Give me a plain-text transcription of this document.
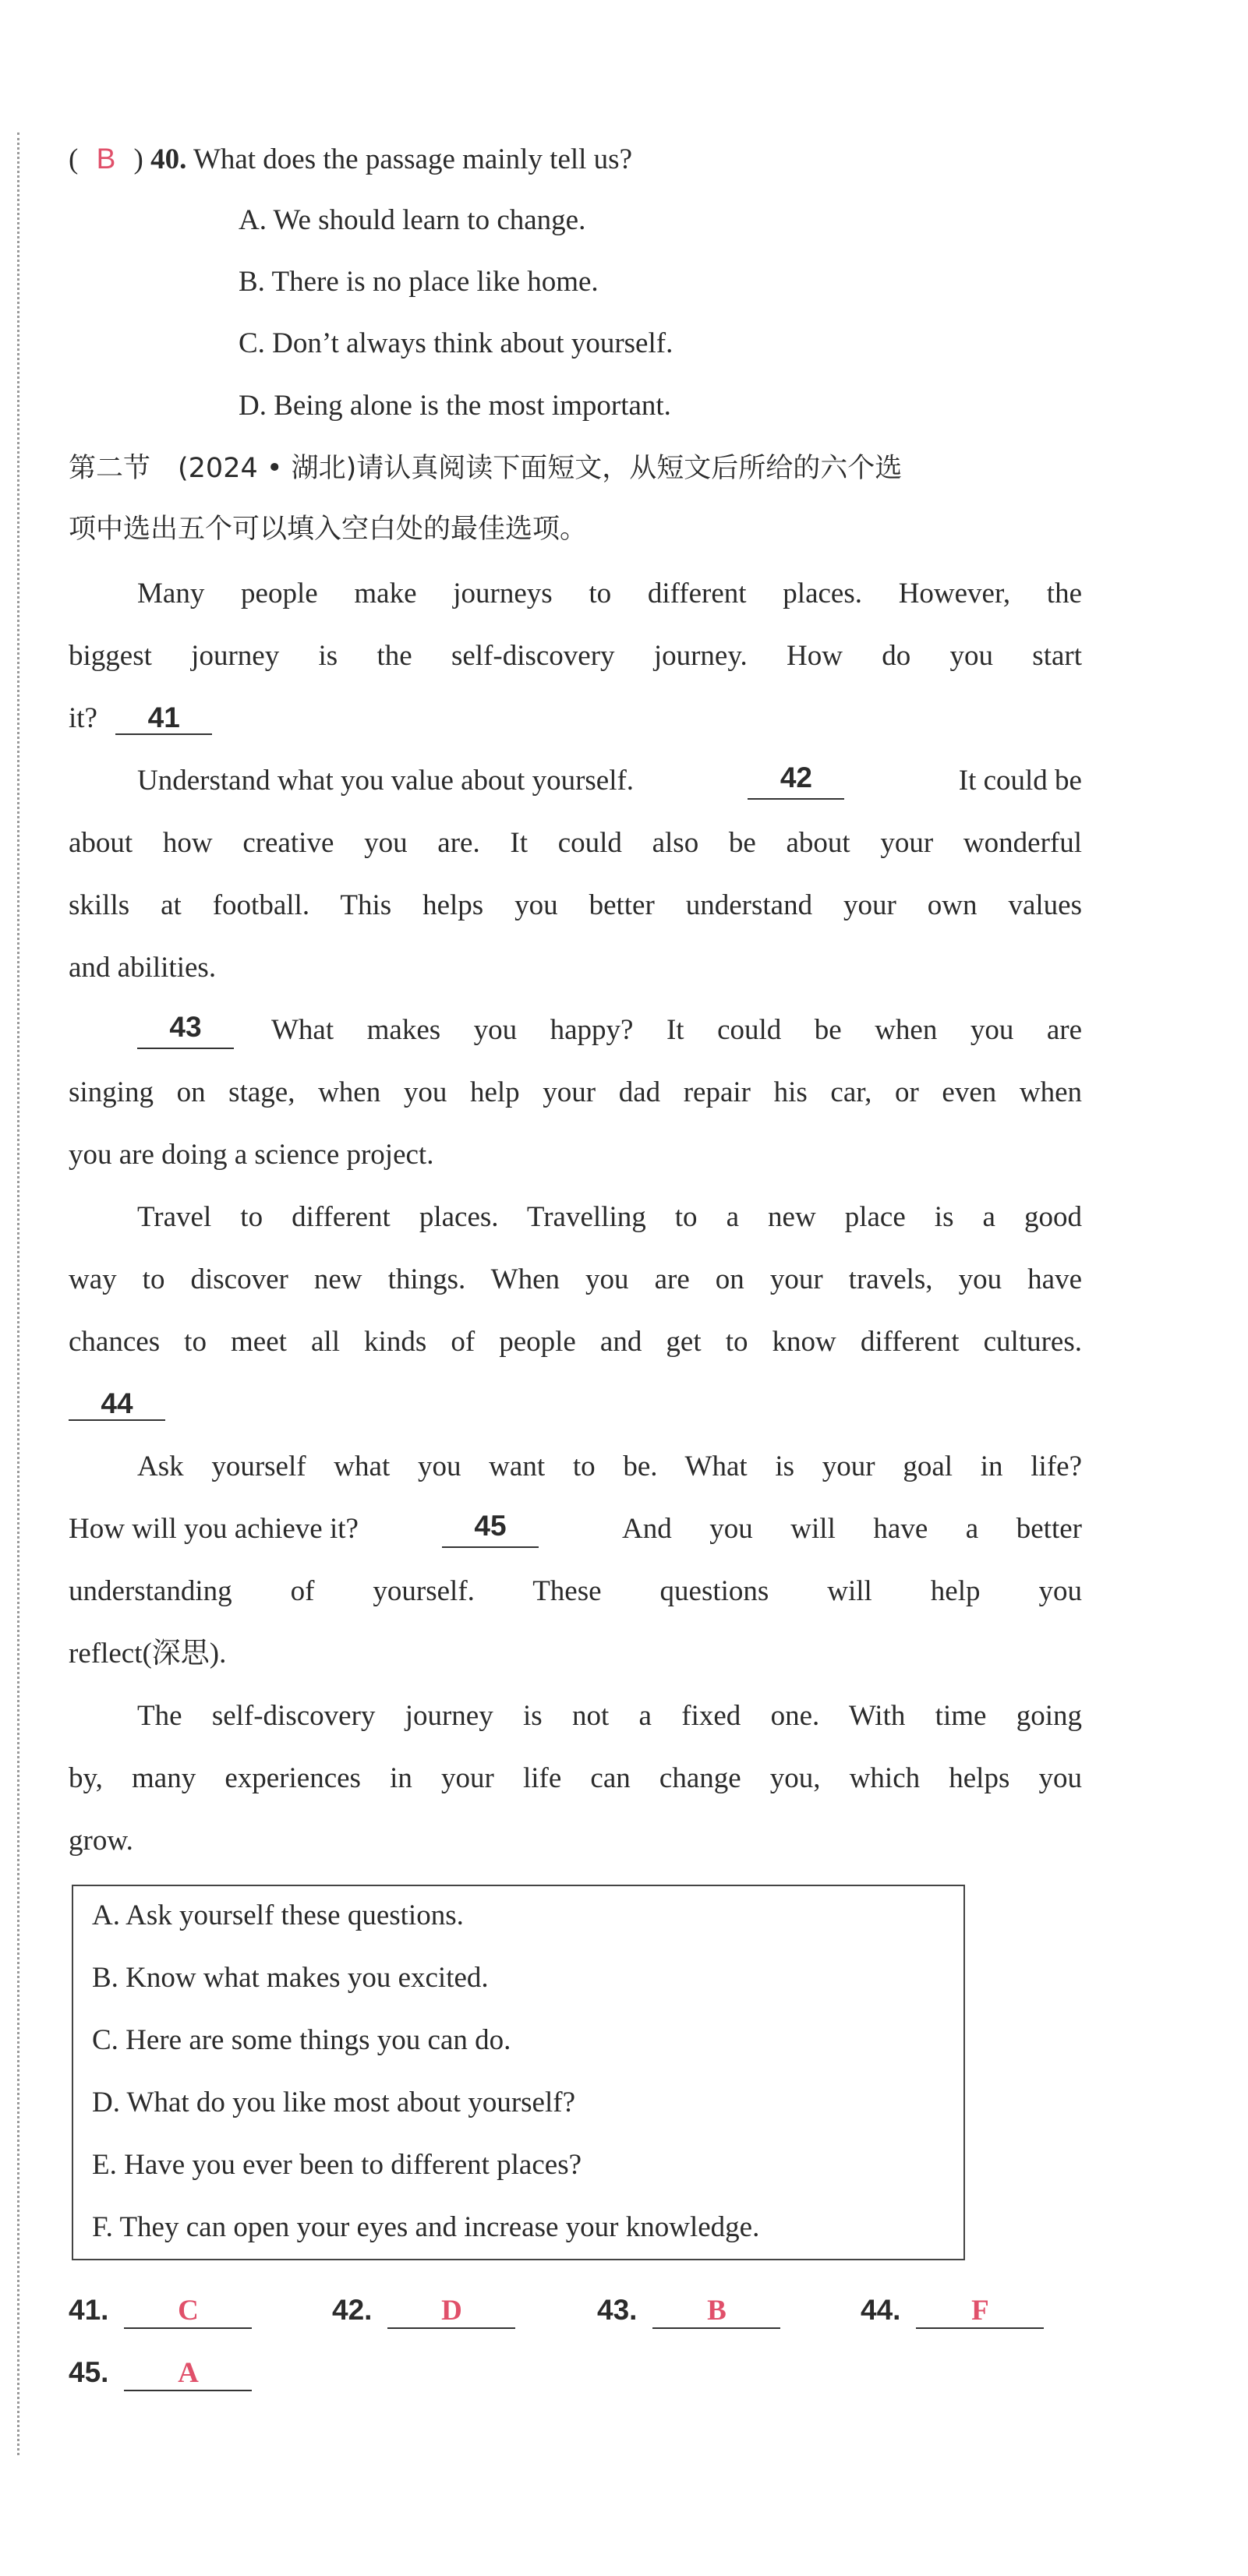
( B ) 40. What does the passage mainly tell us?
A. We should learn to change.
B. There is no place like home.
C. Don’t always think about yourself.
D. Being alone is the most important.
第二节　(2024 • 湖北)请认真阅读下面短文，从短文后所给的六个选
项中选出五个可以填入空白处的最佳选项。
Many people make journeys to different places. However, the
biggest journey is the self-discovery journey. How do you start
it? 41
Understand what you value about yourself.	42	It could be
about how creative you are. It could also be about your wonderful
skills at football. This helps you better understand your own values
and abilities.
43	What makes you happy? It could be when you are
singing on stage, when you help your dad repair his car, or even when
you are doing a science project.
Travel to different places. Travelling to a new place is a good
way to discover new things. When you are on your travels, you have
chances to meet all kinds of people and get to know different cultures.
44
Ask yourself what you want to be. What is your goal in life?
How will you achieve it?	45	And you will have a better
understanding of yourself. These questions will help you
reflect(深思).
The self-discovery journey is not a fixed one. With time going
by, many experiences in your life can change you, which helps you
grow.
A. Ask yourself these questions.
B. Know what makes you excited.
C. Here are some things you can do.
D. What do you like most about yourself?
E. Have you ever been to different places?
F. They can open your eyes and increase your knowledge.
41. C	42. D	43. B	44. F
45. A
